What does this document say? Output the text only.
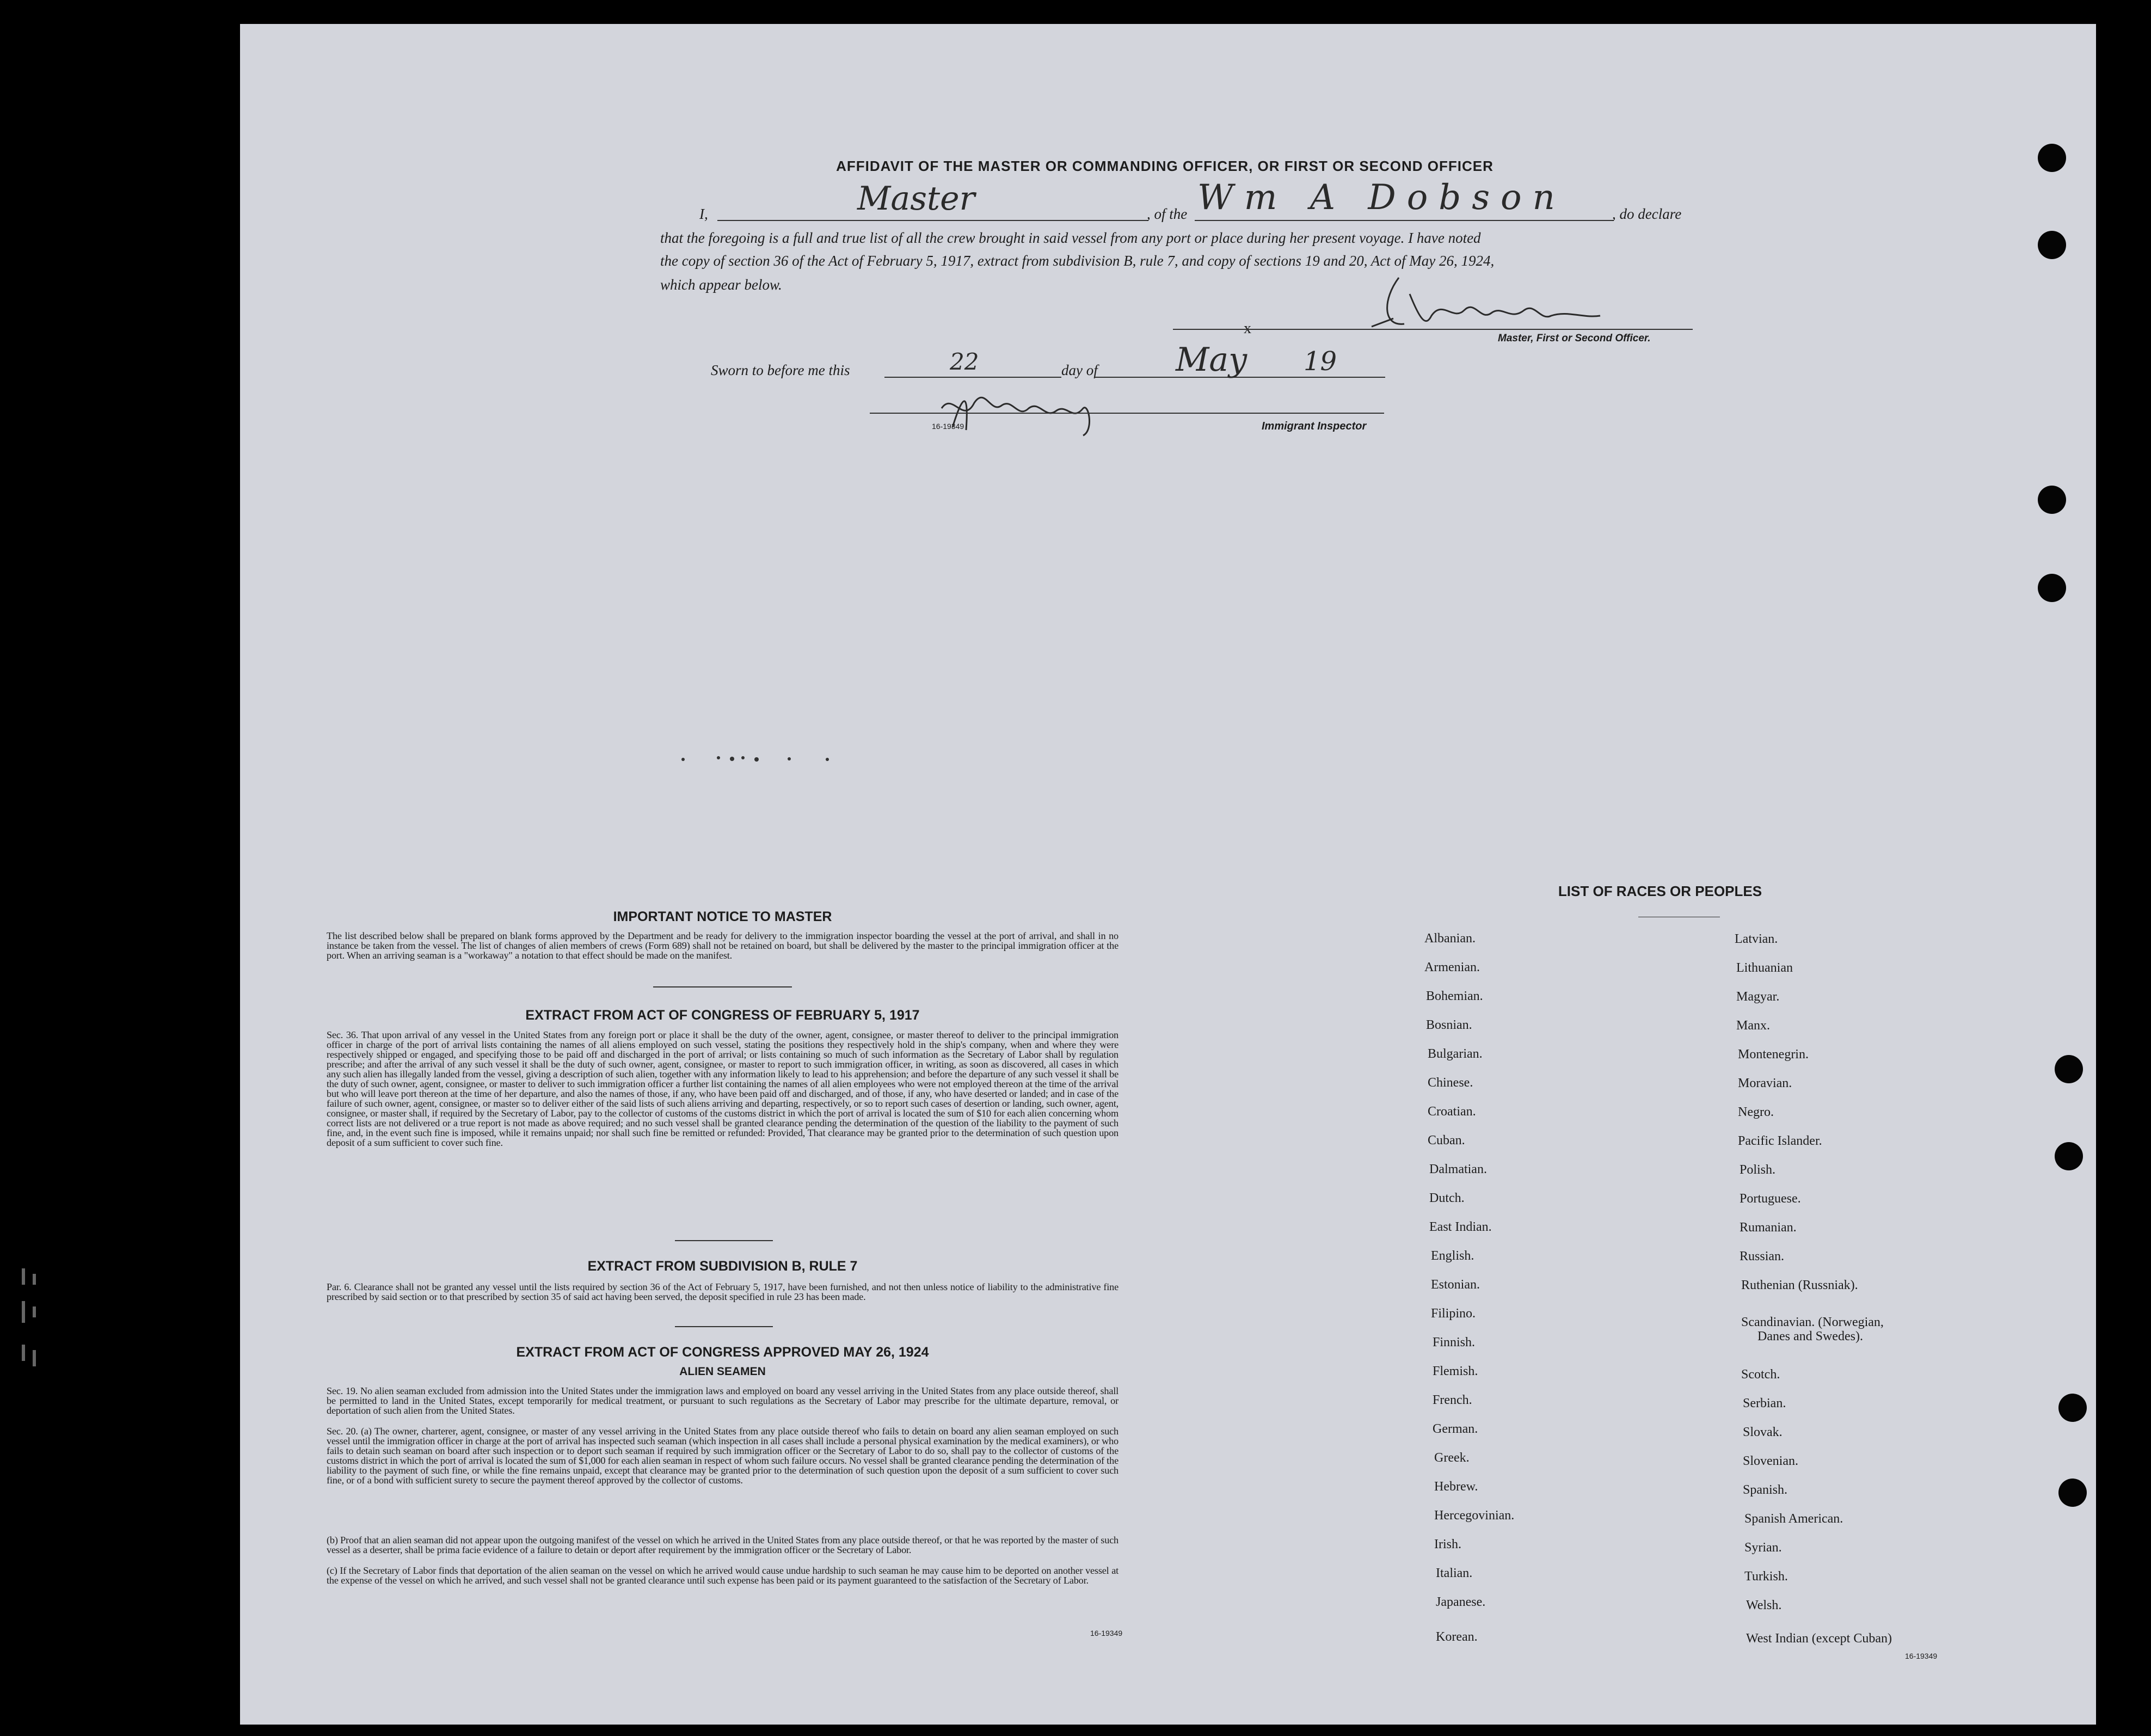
AFFIDAVIT OF THE MASTER OR COMMANDING OFFICER, OR FIRST OR SECOND OFFICER
I,	Master	, of the Wm A Dobson	, do declare
that the foregoing is a full and true list of all the crew brought in said vessel from any port or place during her present voyage. I have noted
the copy of section 36 of the Act of February 5, 1917, extract from subdivision B, rule 7, and copy of sections 19 and 20, Act of May 26, 1924,
which appear below.
x
Master, First or Second Officer.
Sworn to before me this	22	day of May 19
16-19349	Immigrant Inspector
IMPORTANT NOTICE TO MASTER
The list described below shall be prepared on blank forms approved by the Department and be ready for delivery to the immigration inspector boarding the vessel at the port of arrival, and shall in no instance be taken from the vessel. The list of changes of alien members of crews (Form 689) shall not be retained on board, but shall be delivered by the master to the principal immigration officer at the port. When an arriving seaman is a "workaway" a notation to that effect should be made on the manifest.
EXTRACT FROM ACT OF CONGRESS OF FEBRUARY 5, 1917
Sec. 36. That upon arrival of any vessel in the United States from any foreign port or place it shall be the duty of the owner, agent, consignee, or master thereof to deliver to the principal immigration officer in charge of the port of arrival lists containing the names of all aliens employed on such vessel, stating the positions they respectively hold in the ship's company, when and where they were respectively shipped or engaged, and specifying those to be paid off and discharged in the port of arrival; or lists containing so much of such information as the Secretary of Labor shall by regulation prescribe; and after the arrival of any such vessel it shall be the duty of such owner, agent, consignee, or master to report to such immigration officer, in writing, as soon as discovered, all cases in which any such alien has illegally landed from the vessel, giving a description of such alien, together with any information likely to lead to his apprehension; and before the departure of any such vessel it shall be the duty of such owner, agent, consignee, or master to deliver to such immigration officer a further list containing the names of all alien employees who were not employed thereon at the time of the arrival but who will leave port thereon at the time of her departure, and also the names of those, if any, who have been paid off and discharged, and of those, if any, who have deserted or landed; and in case of the failure of such owner, agent, consignee, or master so to deliver either of the said lists of such aliens arriving and departing, respectively, or so to report such cases of desertion or landing, such owner, agent, consignee, or master shall, if required by the Secretary of Labor, pay to the collector of customs of the customs district in which the port of arrival is located the sum of $10 for each alien concerning whom correct lists are not delivered or a true report is not made as above required; and no such vessel shall be granted clearance pending the determination of the question of the liability to the payment of such fine, and, in the event such fine is imposed, while it remains unpaid; nor shall such fine be remitted or refunded: Provided, That clearance may be granted prior to the determination of such question upon deposit of a sum sufficient to cover such fine.
EXTRACT FROM SUBDIVISION B, RULE 7
Par. 6. Clearance shall not be granted any vessel until the lists required by section 36 of the Act of February 5, 1917, have been furnished, and not then unless notice of liability to the administrative fine prescribed by said section or to that prescribed by section 35 of said act having been served, the deposit specified in rule 23 has been made.
EXTRACT FROM ACT OF CONGRESS APPROVED MAY 26, 1924
ALIEN SEAMEN
Sec. 19. No alien seaman excluded from admission into the United States under the immigration laws and employed on board any vessel arriving in the United States from any place outside thereof, shall be permitted to land in the United States, except temporarily for medical treatment, or pursuant to such regulations as the Secretary of Labor may prescribe for the ultimate departure, removal, or deportation of such alien from the United States.
Sec. 20. (a) The owner, charterer, agent, consignee, or master of any vessel arriving in the United States from any place outside thereof who fails to detain on board any alien seaman employed on such vessel until the immigration officer in charge at the port of arrival has inspected such seaman (which inspection in all cases shall include a personal physical examination by the medical examiners), or who fails to detain such seaman on board after such inspection or to deport such seaman if required by such immigration officer or the Secretary of Labor to do so, shall pay to the collector of customs of the customs district in which the port of arrival is located the sum of $1,000 for each alien seaman in respect of whom such failure occurs. No vessel shall be granted clearance pending the determination of the liability to the payment of such fine, or while the fine remains unpaid, except that clearance may be granted prior to the determination of such question upon the deposit of a sum sufficient to cover such fine, or of a bond with sufficient surety to secure the payment thereof approved by the collector of customs.
(b) Proof that an alien seaman did not appear upon the outgoing manifest of the vessel on which he arrived in the United States from any place outside thereof, or that he was reported by the master of such vessel as a deserter, shall be prima facie evidence of a failure to detain or deport after requirement by the immigration officer or the Secretary of Labor.
(c) If the Secretary of Labor finds that deportation of the alien seaman on the vessel on which he arrived would cause undue hardship to such seaman he may cause him to be deported on another vessel at the expense of the vessel on which he arrived, and such vessel shall not be granted clearance until such expense has been paid or its payment guaranteed to the satisfaction of the Secretary of Labor.
16-19349
LIST OF RACES OR PEOPLES
Albanian.
Armenian.
Bohemian.
Bosnian.
Bulgarian.
Chinese.
Croatian.
Cuban.
Dalmatian.
Dutch.
East Indian.
English.
Estonian.
Filipino.
Finnish.
Flemish.
French.
German.
Greek.
Hebrew.
Hercegovinian.
Irish.
Italian.
Japanese.
Korean.
Latvian.
Lithuanian
Magyar.
Manx.
Montenegrin.
Moravian.
Negro.
Pacific Islander.
Polish.
Portuguese.
Rumanian.
Russian.
Ruthenian (Russniak).
Scandinavian. (Norwegian,
Danes and Swedes).
Scotch.
Serbian.
Slovak.
Slovenian.
Spanish.
Spanish American.
Syrian.
Turkish.
Welsh.
West Indian (except Cuban)
16-19349
